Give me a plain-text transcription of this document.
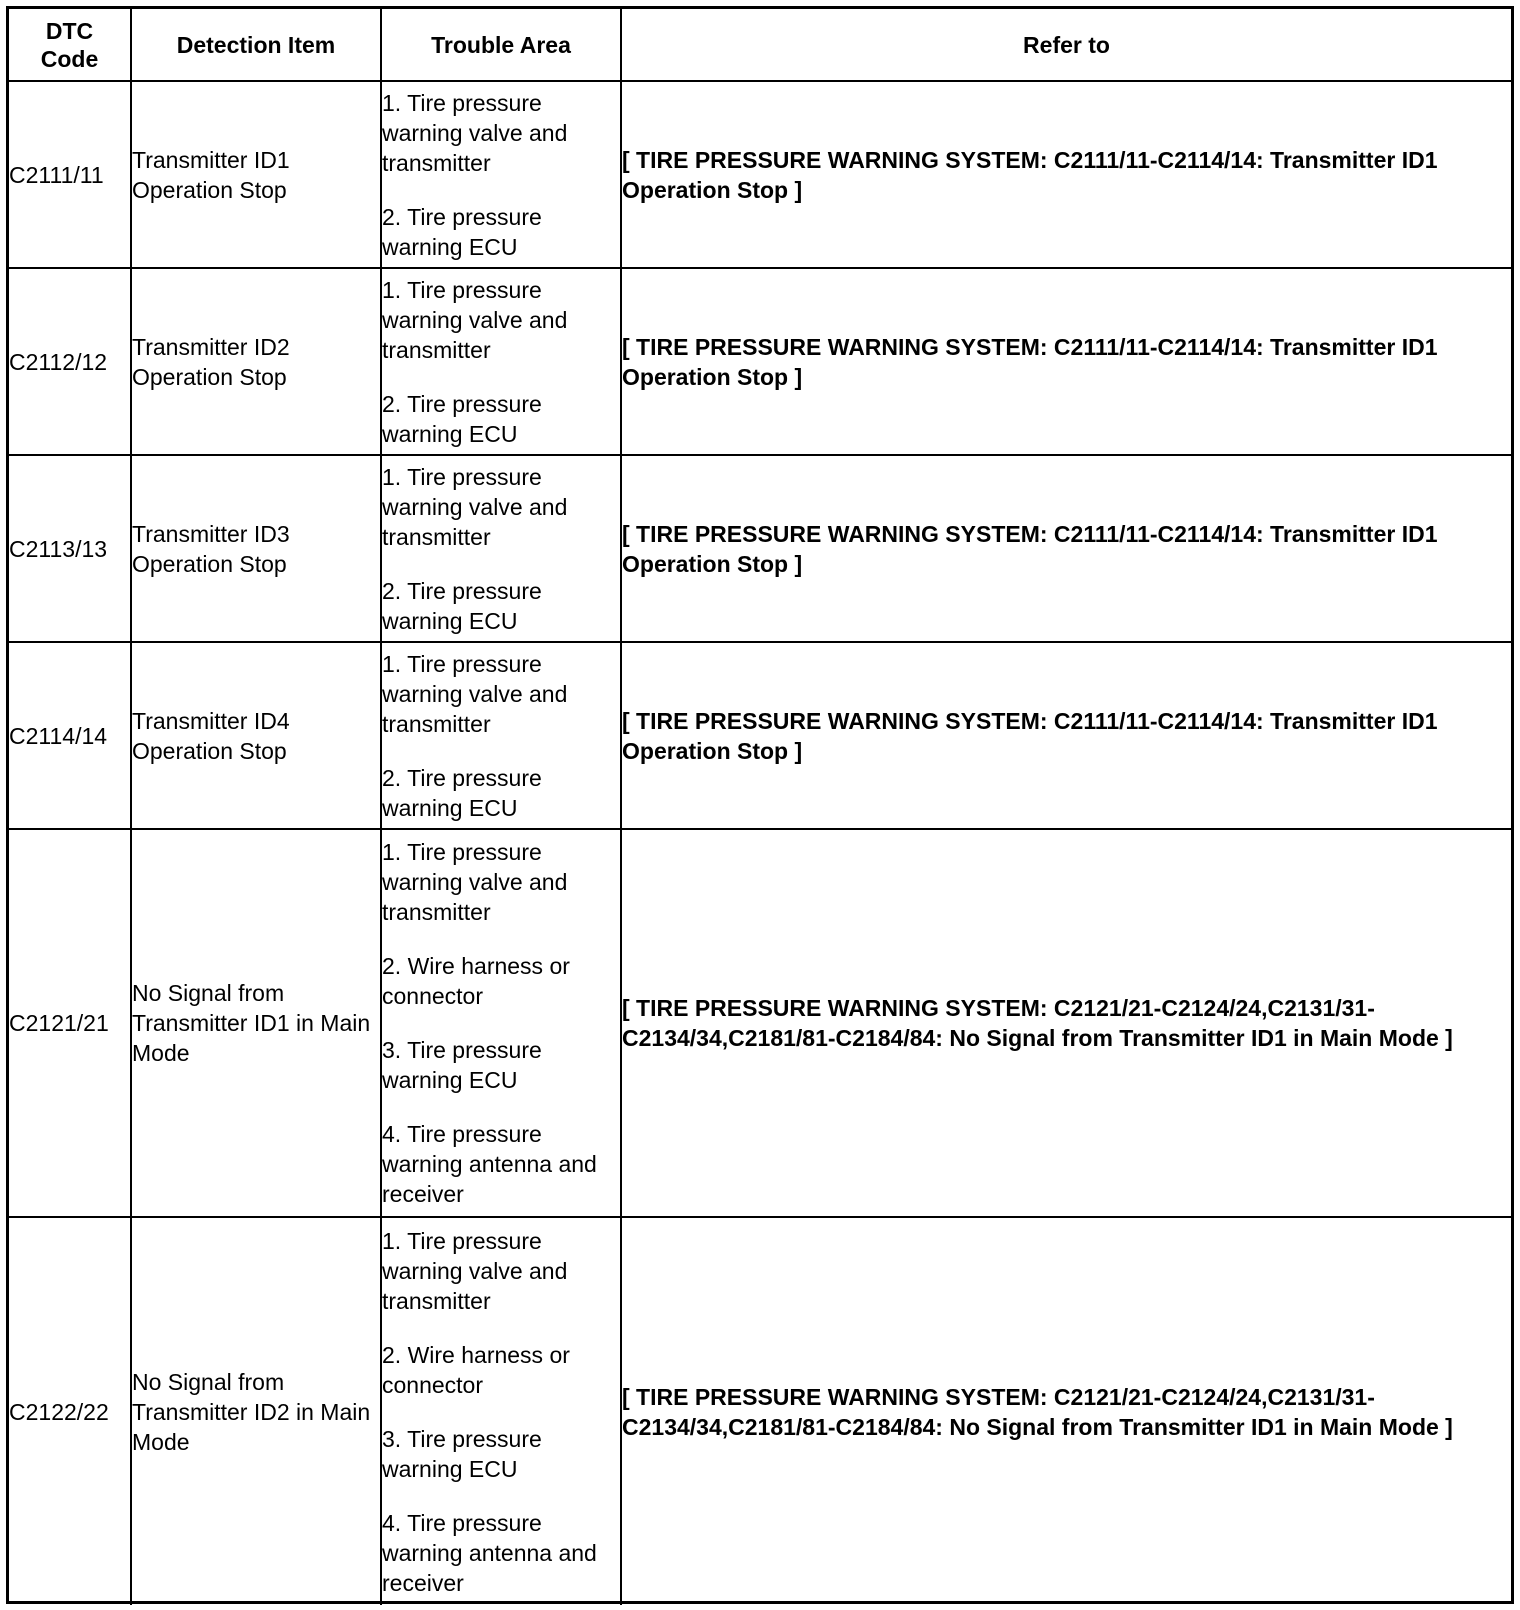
DTC
Code	Detection Item	Trouble Area	Refer to
C2111/11	Transmitter ID1 Operation Stop	1. Tire pressure warning valve and transmitter
2. Tire pressure warning ECU	[ TIRE PRESSURE WARNING SYSTEM: C2111/11-C2114/14: Transmitter ID1 Operation Stop ]
C2112/12	Transmitter ID2 Operation Stop	1. Tire pressure warning valve and transmitter
2. Tire pressure warning ECU	[ TIRE PRESSURE WARNING SYSTEM: C2111/11-C2114/14: Transmitter ID1 Operation Stop ]
C2113/13	Transmitter ID3 Operation Stop	1. Tire pressure warning valve and transmitter
2. Tire pressure warning ECU	[ TIRE PRESSURE WARNING SYSTEM: C2111/11-C2114/14: Transmitter ID1 Operation Stop ]
C2114/14	Transmitter ID4 Operation Stop	1. Tire pressure warning valve and transmitter
2. Tire pressure warning ECU	[ TIRE PRESSURE WARNING SYSTEM: C2111/11-C2114/14: Transmitter ID1 Operation Stop ]
C2121/21	No Signal from Transmitter ID1 in Main Mode	1. Tire pressure warning valve and transmitter
2. Wire harness or connector
3. Tire pressure warning ECU
4. Tire pressure warning antenna and receiver	[ TIRE PRESSURE WARNING SYSTEM: C2121/21-C2124/24,C2131/31-C2134/34,C2181/81-C2184/84: No Signal from Transmitter ID1 in Main Mode ]
C2122/22	No Signal from Transmitter ID2 in Main Mode	1. Tire pressure warning valve and transmitter
2. Wire harness or connector
3. Tire pressure warning ECU
4. Tire pressure warning antenna and receiver	[ TIRE PRESSURE WARNING SYSTEM: C2121/21-C2124/24,C2131/31-C2134/34,C2181/81-C2184/84: No Signal from Transmitter ID1 in Main Mode ]
